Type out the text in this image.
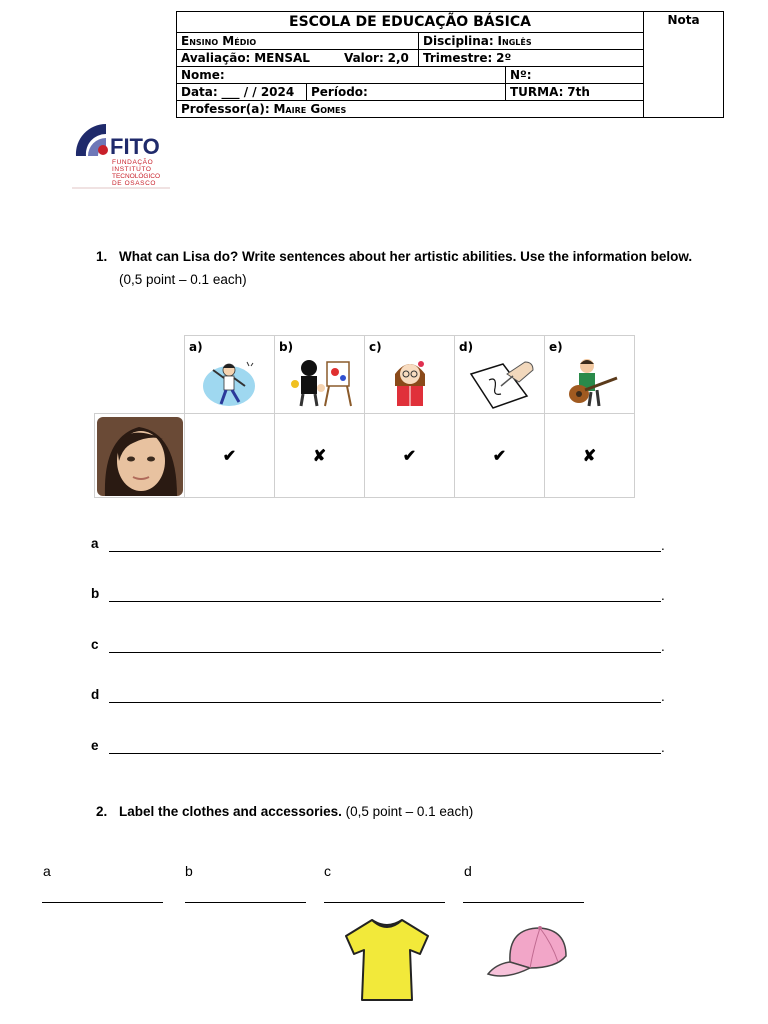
ESCOLA DE EDUCAÇÃO BÁSICA				Nota
Ensino Médio		Disciplina: Inglês		
Avaliação: MENSAL Valor: 2,0		Trimestre: 2º		
Nome:			Nº:	
Data: ___ / / 2024	Período:		TURMA: 7th	
Professor(a): Maire Gomes				
FITO
FUNDAÇÃO
INSTITUTO
TECNOLÓGICO
DE OSASCO
1. What can Lisa do? Write sentences about her artistic abilities. Use the information below. (0,5 point – 0.1 each)

	a)	b)	c)	d)	e)

	✔	✘	✔	✔	✘
a	.
b	.
c	.
d	.
e	.
2. Label the clothes and accessories. (0,5 point – 0.1 each)
a	b	c	d
